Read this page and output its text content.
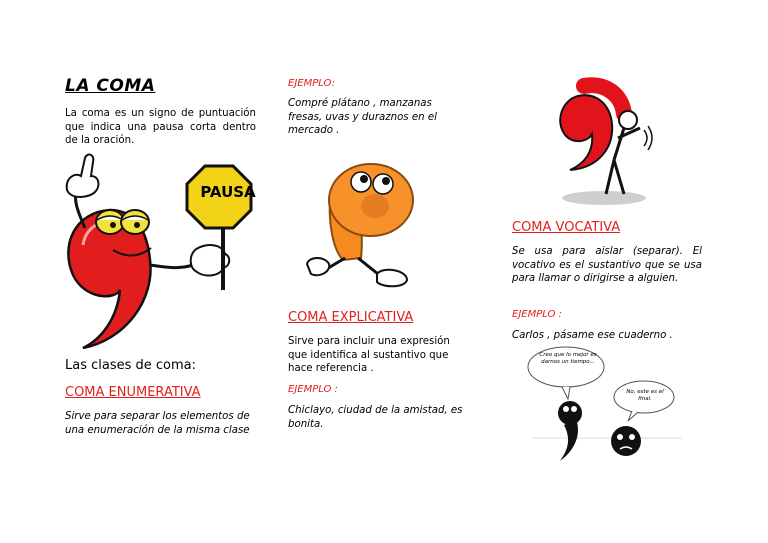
LA COMA
La coma es un signo de puntuación que indica una pausa corta dentro de la oración.
PAUSA
Las clases de coma:
COMA ENUMERATIVA
Sirve para separar los elementos de una enumeración de la misma clase
EJEMPLO:
Compré plátano , manzanas fresas, uvas y duraznos en el mercado .
COMA EXPLICATIVA
Sirve para incluir una expresión que identifica al sustantivo que hace referencia .
EJEMPLO :
Chiclayo, ciudad de la amistad, es bonita.
COMA VOCATIVA
Se usa para aislar (separar). El vocativo es el sustantivo que se usa para llamar o dirigirse a alguien.
EJEMPLO :
Carlos , pásame ese cuaderno .
Creo que lo mejor es darnos un tiempo...
No, este es el final.
